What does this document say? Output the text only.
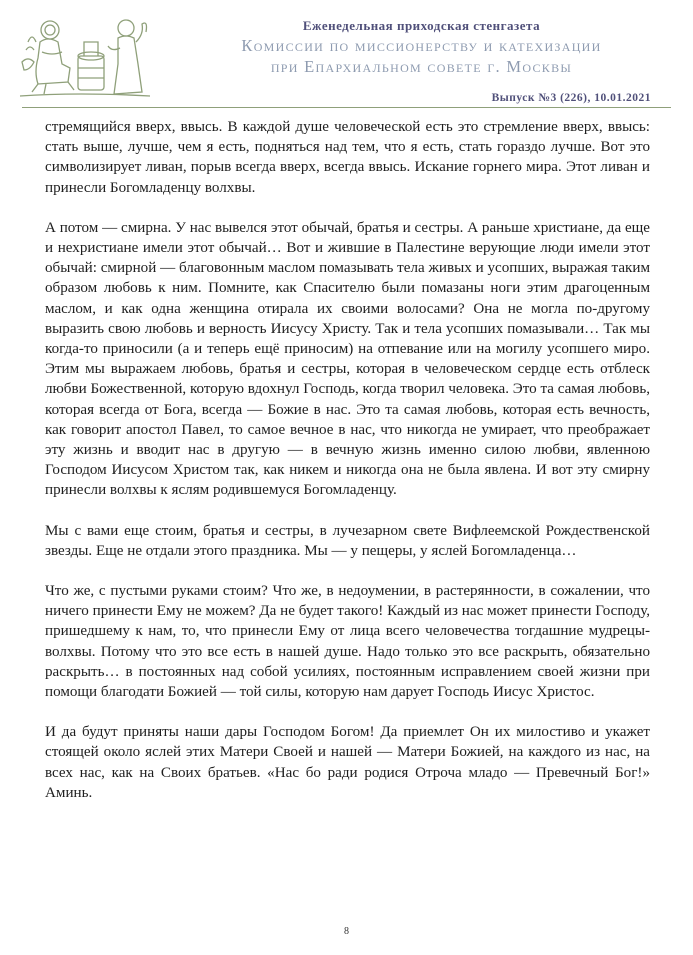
Еженедельная приходская стенгазета
Комиссии по миссионерству и катехизации
при Епархиальном совете г. Москвы
Выпуск №3 (226), 10.01.2021

стремящийся вверх, ввысь. В каждой душе человеческой есть это стремление вверх, ввысь: стать выше, лучше, чем я есть, подняться над тем, что я есть, стать гораздо лучше. Вот это символизирует ливан, порыв всегда вверх, всегда ввысь. Искание горнего мира. Этот ливан и принесли Богомладенцу волхвы.

А потом — смирна. У нас вывелся этот обычай, братья и сестры. А раньше христиане, да еще и нехристиане имели этот обычай… Вот и жившие в Палестине верующие люди имели этот обычай: смирной — благовонным маслом помазывать тела живых и усопших, выражая таким образом любовь к ним. Помните, как Спасителю были помазаны ноги этим драгоценным маслом, и как одна женщина отирала их своими волосами? Она не могла по-другому выразить свою любовь и верность Иисусу Христу. Так и тела усопших помазывали… Так мы когда-то приносили (а и теперь ещё приносим) на отпевание или на могилу усопшего миро. Этим мы выражаем любовь, братья и сестры, которая в человеческом сердце есть отблеск любви Божественной, которую вдохнул Господь, когда творил человека. Это та самая любовь, которая всегда от Бога, всегда — Божие в нас. Это та самая любовь, которая есть вечность, как говорит апостол Павел, то самое вечное в нас, что никогда не умирает, что преображает эту жизнь и вводит нас в другую — в вечную жизнь именно силою любви, явленною Господом Иисусом Христом так, как никем и никогда она не была явлена. И вот эту смирну принесли волхвы к яслям родившемуся Богомладенцу.

Мы с вами еще стоим, братья и сестры, в лучезарном свете Вифлеемской Рождественской звезды. Еще не отдали этого праздника. Мы — у пещеры, у яслей Богомладенца…

Что же, с пустыми руками стоим? Что же, в недоумении, в растерянности, в сожалении, что ничего принести Ему не можем? Да не будет такого! Каждый из нас может принести Господу, пришедшему к нам, то, что принесли Ему от лица всего человечества тогдашние мудрецы-волхвы. Потому что это все есть в нашей душе. Надо только это все раскрыть, обязательно раскрыть… в постоянных над собой усилиях, постоянным исправлением своей жизни при помощи благодати Божией — той силы, которую нам дарует Господь Иисус Христос.

И да будут приняты наши дары Господом Богом! Да приемлет Он их милостиво и укажет стоящей около яслей этих Матери Своей и нашей — Матери Божией, на каждого из нас, на всех нас, как на Своих братьев. «Нас бо ради родися Отроча младо — Превечный Бог!» Аминь.

8
